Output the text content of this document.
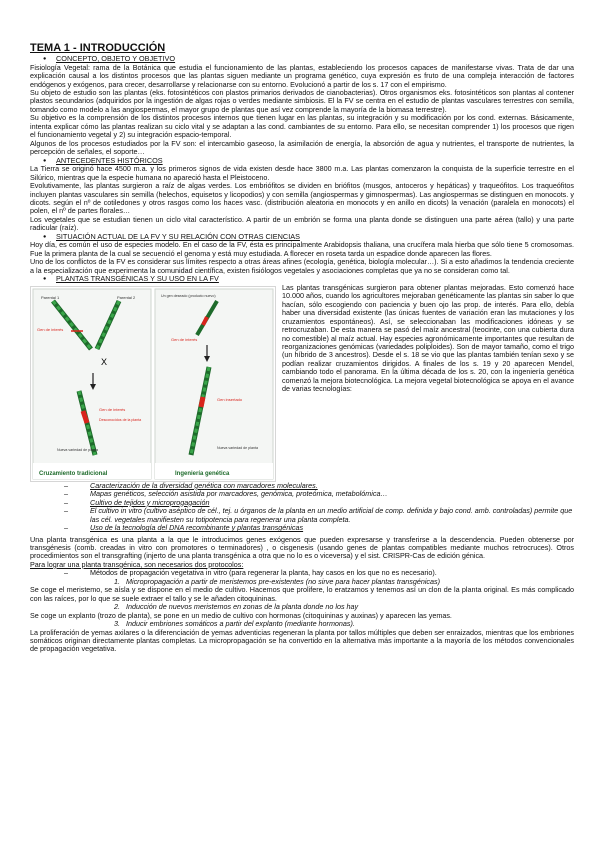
TEMA 1 - INTRODUCCIÓN

● CONCEPTO, OBJETO Y OBJETIVO

Fisiología Vegetal: rama de la Botánica que estudia el funcionamiento de las plantas, estableciendo los procesos capaces de manifestarse vivas. Trata de dar una explicación causal a los distintos procesos que las plantas siguen mediante un programa genético, cuya expresión es fruto de una compleja interacción de factores endógenos y exógenos, para crecer, desarrollarse y relacionarse con su entorno. Evolucionó a partir de los s. 17 con el empirismo.

Su objeto de estudio son las plantas (eks. fotosintéticos con plastos primarios derivados de cianobacterias). Otros organismos eks. fotosintéticos son plantas al contener plastos secundarios (adquiridos por la ingestión de algas rojas o verdes mediante simbiosis. El la FV se centra en el estudio de plantas vasculares terrestres con semilla, tomando como modelo a las angiospermas, el mayor grupo de plantas que así vez comprende la mayoría de la biomasa terrestre).

Su objetivo es la comprensión de los distintos procesos internos que tienen lugar en las plantas, su integración y su modificación por los cond. externas. Básicamente, intenta explicar cómo las plantas realizan su ciclo vital y se adaptan a las cond. cambiantes de su entorno. Para ello, se necesitan comprender 1) los procesos que rigen el funcionamiento vegetal y 2) su integración espacio-temporal.

Algunos de los procesos estudiados por la FV son: el intercambio gaseoso, la asimilación de energía, la absorción de agua y nutrientes, el transporte de nutrientes, la percepción de señales, el soporte…

● ANTECEDENTES HISTÓRICOS

La Tierra se originó hace 4500 m.a. y los primeros signos de vida existen desde hace 3800 m.a. Las plantas comenzaron la conquista de la superficie terrestre en el Silúrico, mientras que la especie humana no apareció hasta el Pleistoceno.

Evolutivamente, las plantas surgieron a raíz de algas verdes. Los embriófitos se dividen en briófitos (musgos, antoceros y hepáticas) y traqueófitos. Los traqueófitos incluyen plantas vasculares sin semilla (helechos, equisetos y licopodios) y con semilla (angiospermas y gimnospermas). Las angiospermas se distinguen en monocots. y dicots. según el nº de cotiledones y otros rasgos como los haces vasc. (distribución aleatoria en monocots y en anillo en dicots) la venación (paralela en monocots) el polen, el nº de partes florales…

Los vegetales que se estudian tienen un ciclo vital característico. A partir de un embrión se forma una planta donde se distinguen una parte aérea (tallo) y una parte radicular (raíz).

● SITUACIÓN ACTUAL DE LA FV Y SU RELACIÓN CON OTRAS CIENCIAS

Hoy día, es común el uso de especies modelo. En el caso de la FV, ésta es principalmente Arabidopsis thaliana, una crucífera mala hierba que sólo tiene 5 cromosomas. Fue la primera planta de la cual se secuenció el genoma y está muy estudiada. A florecer en roseta tarda un espadice donde aparecen las flores.

Uno de los conflictos de la FV es considerar sus límites respecto a otras áreas afines (ecología, genética, biología molecular…). Si a esto añadimos la tendencia creciente a la especialización que experimenta la comunidad científica, existen fisiólogos vegetales y asociaciones completas que ya no se consideran como tal.

● PLANTAS TRANSGÉNICAS Y SU USO EN LA FV

X
Parental 1	Parental 2
Gen de interés
Gen de interés
Desconocidos de la planta
Nueva variedad de planta
Cruzamiento tradicional
Un gen deseado (producto nuevo)
Gen de interés
Gen insertado
Nueva variedad de planta
Ingeniería genética

Las plantas transgénicas surgieron para obtener plantas mejoradas. Esto comenzó hace 10.000 años, cuando los agricultores mejoraban genéticamente las plantas sin saber lo que hacían, sólo escogiendo con paciencia y buen ojo las prop. de interés. Para ello, debía haber una diversidad existente (las únicas fuentes de variación eran las mutaciones y los cruzamientos espontáneos). Así, se seleccionaban las modificaciones idóneas y se retrocruzaban. De esta manera se pasó del maíz ancestral (teocinte, con una cubierta dura no comestible) al maíz actual. Hay especies agronómicamente importantes que resultan de reorganizaciones genómicas (variedades poliploides). Son de mayor tamaño, como el trigo (un híbrido de 3 ancestros). Desde el s. 18 se vio que las plantas también tenían sexo y se podían realizar cruzamientos dirigidos. A finales de los s. 19 y 20 aparecen Mendel, cambiando todo el panorama. En la última década de los s. 20, con la ingeniería genética comenzó la mejora biotecnológica. La mejora vegetal biotecnológica se apoya en el avance de varias tecnologías:

– Caracterización de la diversidad genética con marcadores moleculares.

– Mapas genéticos, selección asistida por marcadores, genómica, proteómica, metabolómica…

– Cultivo de tejidos y microprogagación

– El cultivo in vitro (cultivo aséptico de cél., tej. u órganos de la planta en un medio artificial de comp. definida y bajo cond. amb. controladas) permite que las cél. vegetales manifiesten su totipotencia para regenerar una planta completa.

– Uso de la tecnología del DNA recombinante y plantas transgénicas

Una planta transgénica es una planta a la que le introducimos genes exógenos que pueden expresarse y transferirse a la descendencia. Pueden obtenerse por transgénesis (comb. creadas in vitro con promotores o terminadores) , o cisgenesis (usando genes de plantas compatibles mediante muchos retrocruces). Otros procedimientos son el transgrafting (injerto de una planta transgénica a otra que no lo es o viceversa) y el sist. CRISPR-Cas de edición génica.

Para lograr una planta transgénica, son necesarios dos protocolos:

– Métodos de propagación vegetativa in vitro (para regenerar la planta, hay casos en los que no es necesario).

1. Micropropagación a partir de meristemos pre-existentes (no sirve para hacer plantas transgénicas)

Se coge el meristemo, se aísla y se dispone en el medio de cultivo. Hacemos que prolifere, lo eratzamos y tenemos así un clon de la planta original. Es más complicado con las raíces, por lo que se suele extraer el tallo y se le añaden citoquininas.

2. Inducción de nuevos meristemos en zonas de la planta donde no los hay

Se coge un explanto (trozo de planta), se pone en un medio de cultivo con hormonas (citoquininas y auxinas) y aparecen las yemas.

3. Inducir embriones somáticos a partir del explanto (mediante hormonas).

La proliferación de yemas axilares o la diferenciación de yemas adventicias regeneran la planta por tallos múltiples que deben ser enraizados, mientras que los embriones somáticos originan directamente plantas completas. La micropropagación se ha convertido en la alternativa más importante a la mayoría de los métodos convencionales de propagación vegetativa.
